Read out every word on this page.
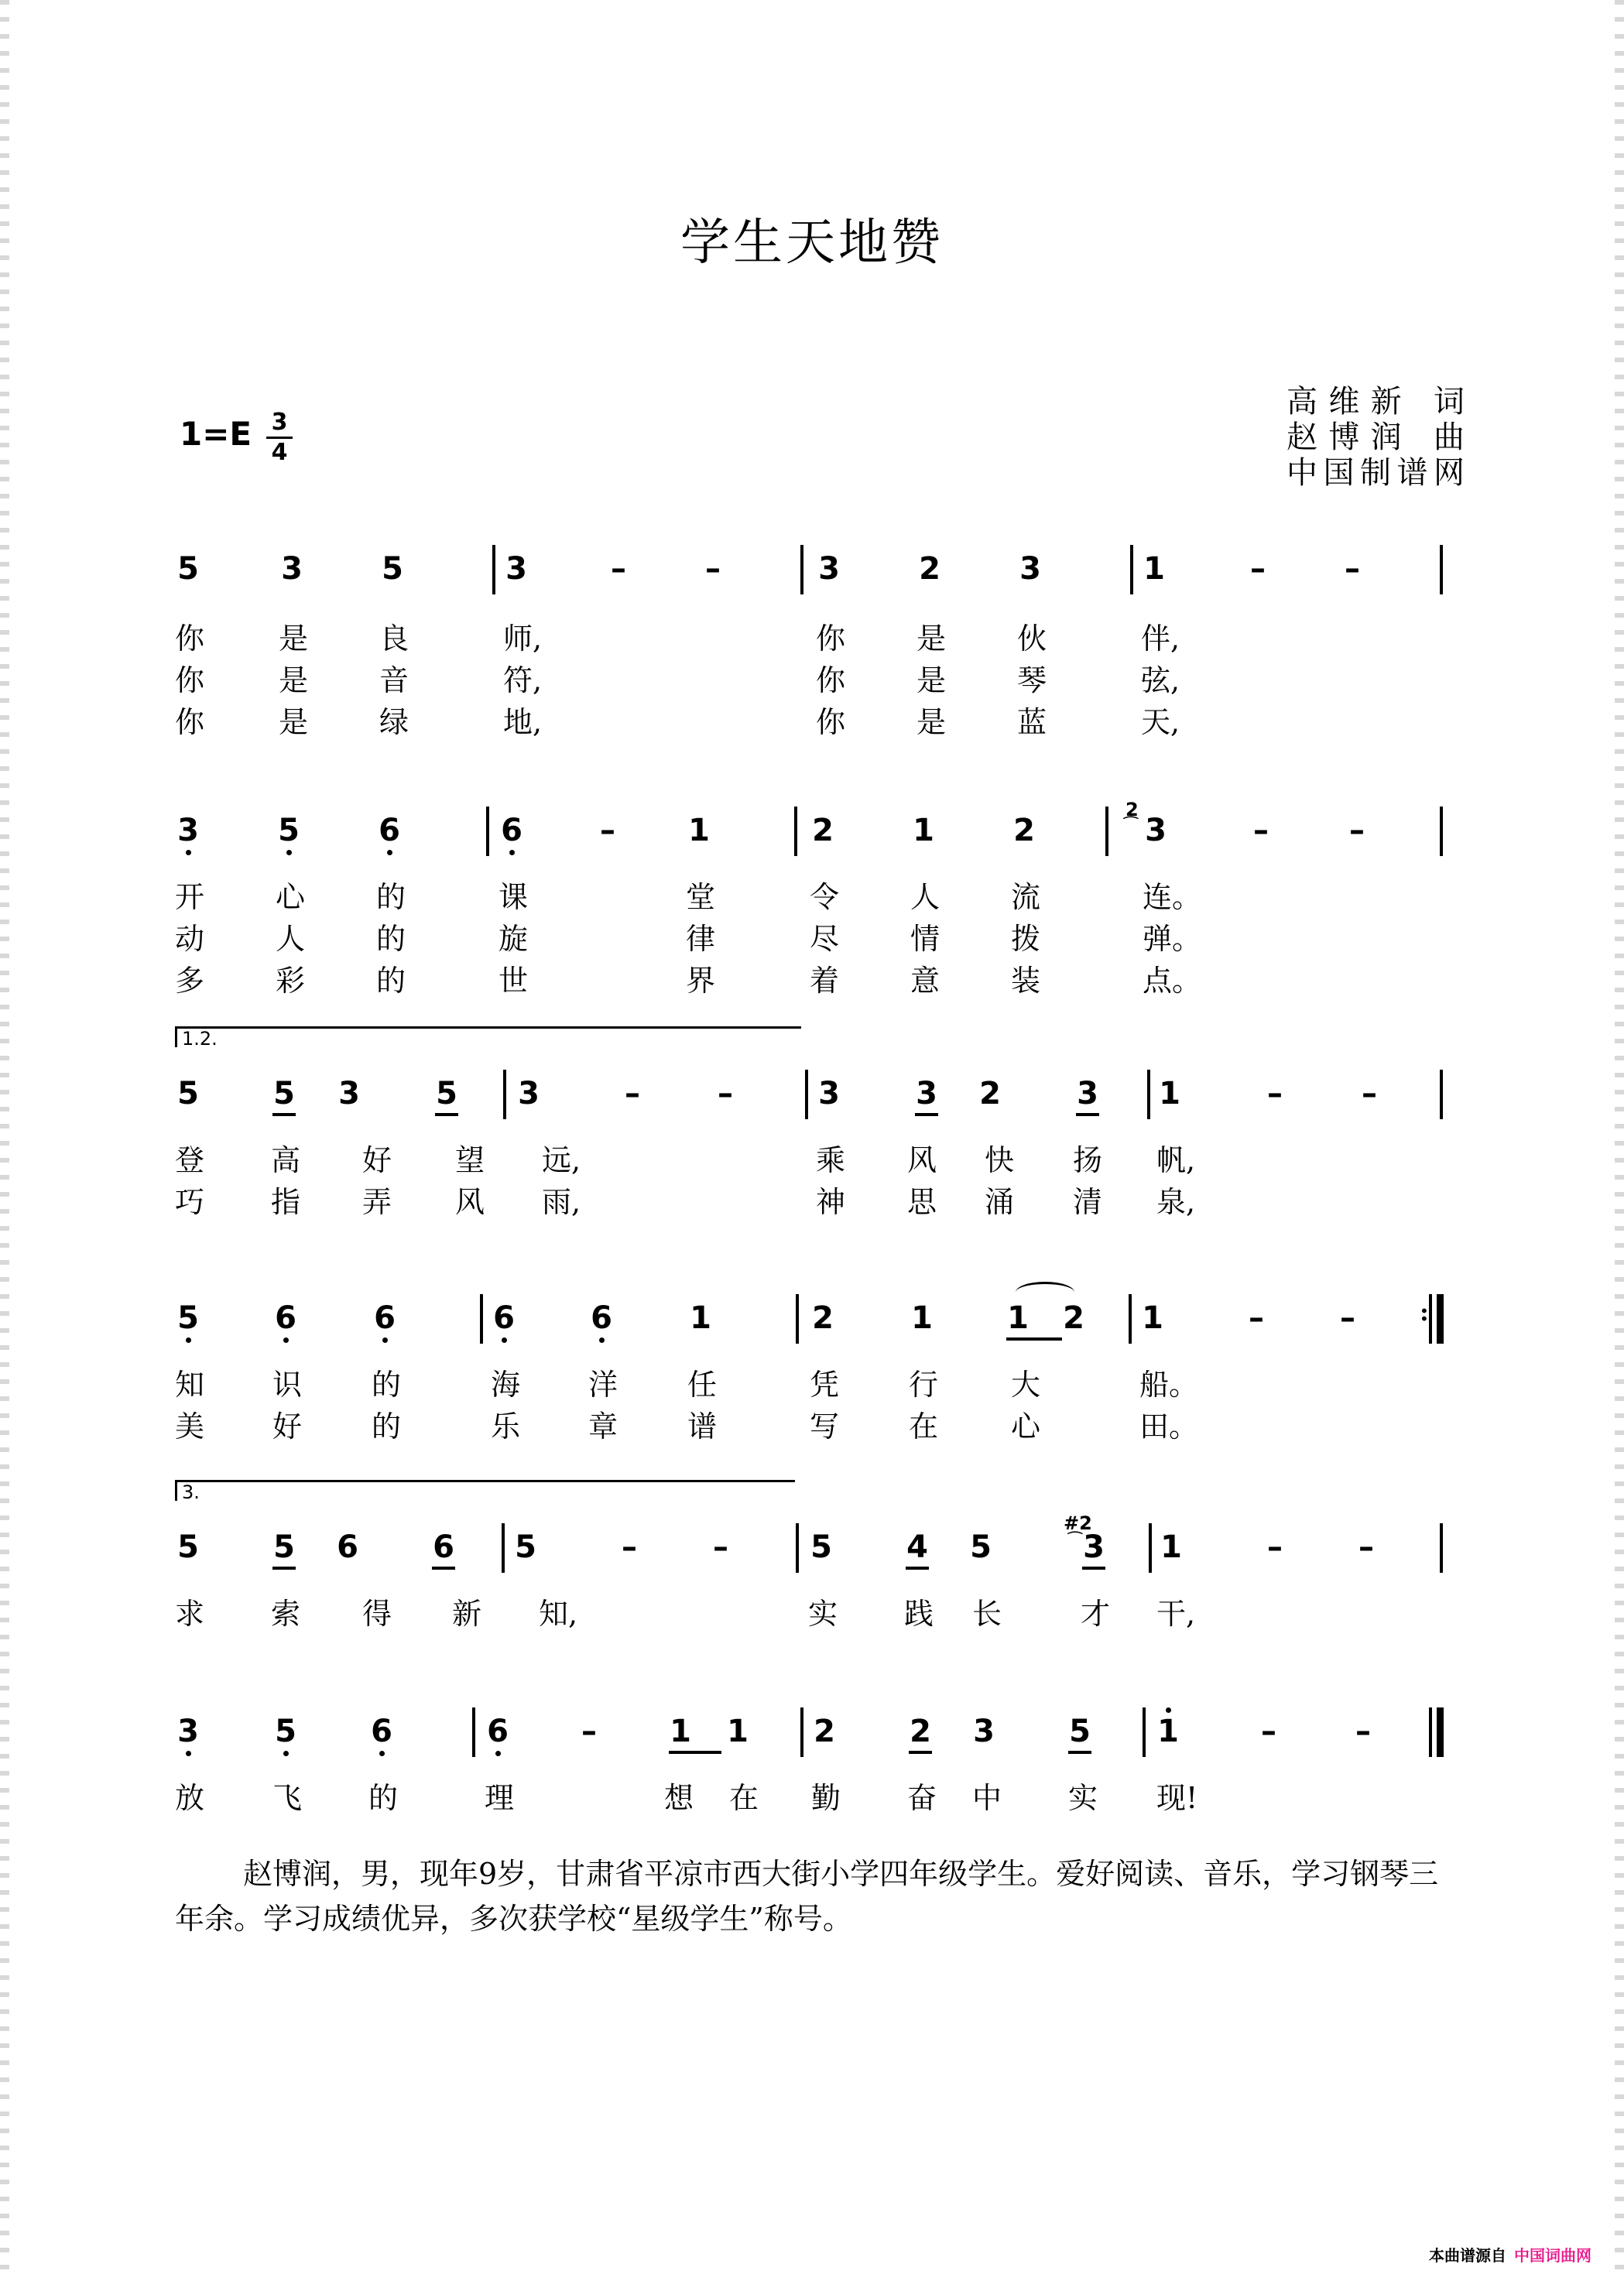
学生天地赞
高维新 词
赵博润 曲
中国制谱网
1=E 3
4
5	3	5	3	–	–	3	2	3	1	–	–
你	是 良	师,	你 是 伙	伴,
你	是 音	符,	你 是 琴	弦,
你	是 绿	地,	你 是 蓝	天,
3	5	6	6	– 1	2	1	2
2
⁀ 3	–	–
开 心 的	课	堂	令 人 流	连。
动 人 的	旋	律	尽 情 拨	弹。
多 彩 的	世	界	着 意 装	点。
1.2.
5 5 3 5 3	–	–	3 3 2 3 1	–	–
登 高 好 望 远,	乘 风 快 扬 帆,
巧 指 弄 风 雨,	神 思 涌 清 泉,
5 6	6	6 6	1	2	1 1 2 1	– –	:
知 识 的	海 洋 任	凭 行 大	船。
美 好 的	乐 章 谱	写 在 心	田。
3.
5 5 6 6 5	– –	5 4 5
#2
⁀ 3 1	– –
求 索 得 新 知,	实 践 长	才 干,
3 5 6	6 – 1 1 2 2 3 5 1	–	–
放 飞 的	理	想 在 勤 奋 中 实 现!
赵博润，男，现年9岁，甘肃省平凉市西大街小学四年级学生。爱好阅读、音乐，学习钢琴三年余。学习成绩优异，多次获学校“星级学生”称号。
本曲谱源自 中国词曲网
